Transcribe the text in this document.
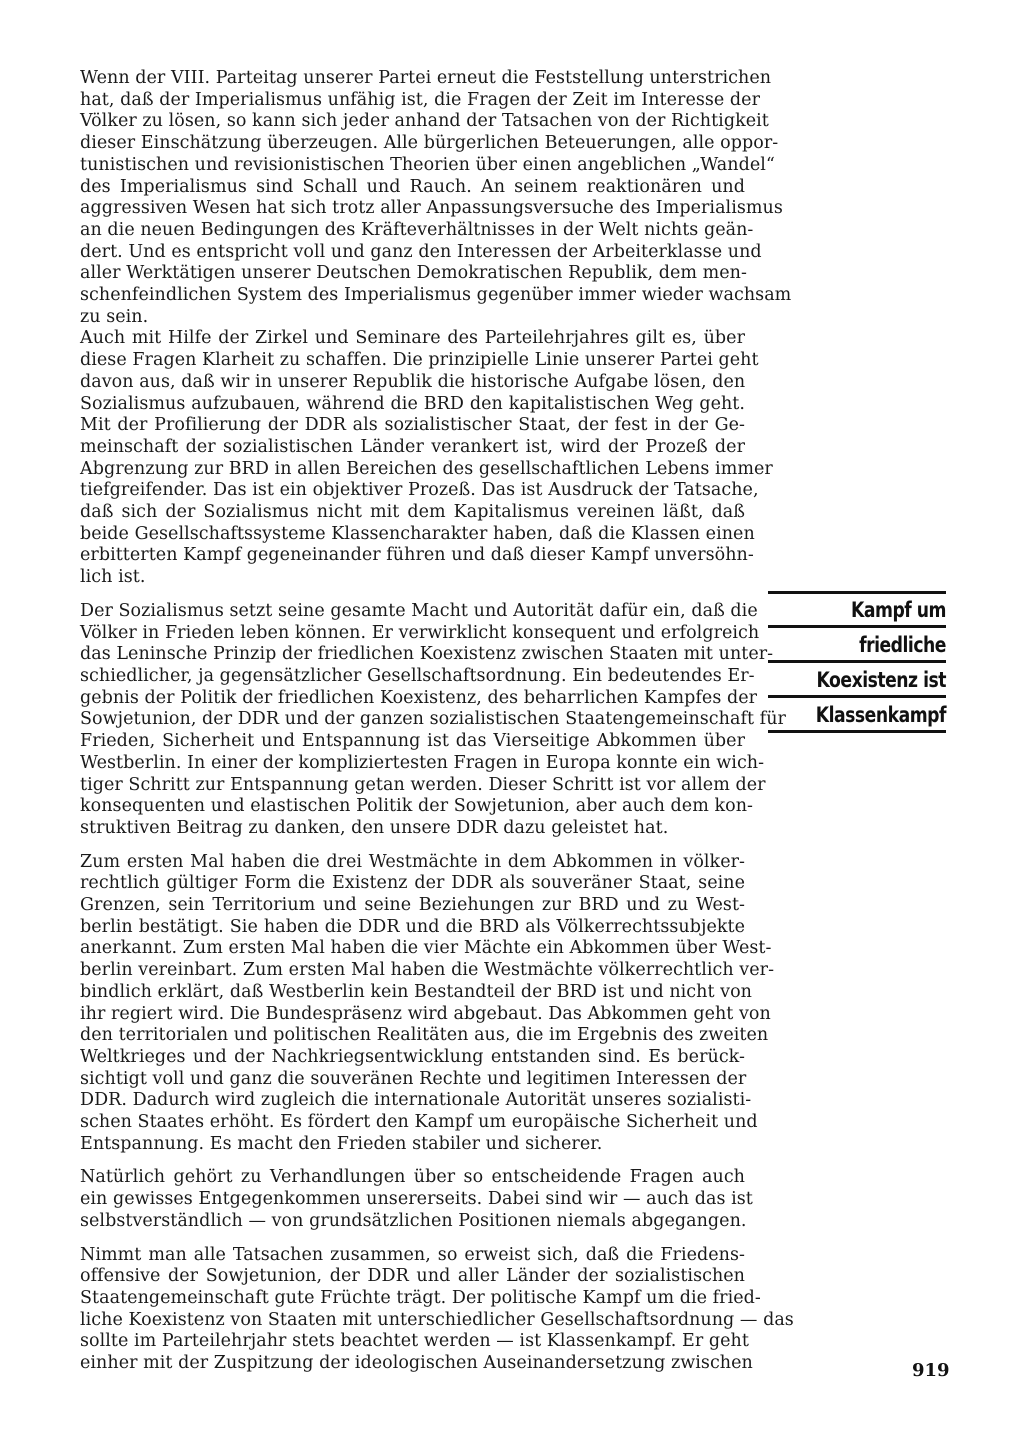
Wenn der VIII. Parteitag unserer Partei erneut die Feststellung unterstrichen
hat, daß der Imperialismus unfähig ist, die Fragen der Zeit im Interesse der
Völker zu lösen, so kann sich jeder anhand der Tatsachen von der Richtigkeit
dieser Einschätzung überzeugen. Alle bürgerlichen Beteuerungen, alle oppor-
tunistischen und revisionistischen Theorien über einen angeblichen „Wandel“
des Imperialismus sind Schall und Rauch. An seinem reaktionären und
aggressiven Wesen hat sich trotz aller Anpassungsversuche des Imperialismus
an die neuen Bedingungen des Kräfteverhältnisses in der Welt nichts geän-
dert. Und es entspricht voll und ganz den Interessen der Arbeiterklasse und
aller Werktätigen unserer Deutschen Demokratischen Republik, dem men-
schenfeindlichen System des Imperialismus gegenüber immer wieder wachsam
zu sein.

Auch mit Hilfe der Zirkel und Seminare des Parteilehrjahres gilt es, über
diese Fragen Klarheit zu schaffen. Die prinzipielle Linie unserer Partei geht
davon aus, daß wir in unserer Republik die historische Aufgabe lösen, den
Sozialismus aufzubauen, während die BRD den kapitalistischen Weg geht.
Mit der Profilierung der DDR als sozialistischer Staat, der fest in der Ge-
meinschaft der sozialistischen Länder verankert ist, wird der Prozeß der
Abgrenzung zur BRD in allen Bereichen des gesellschaftlichen Lebens immer
tiefgreifender. Das ist ein objektiver Prozeß. Das ist Ausdruck der Tatsache,
daß sich der Sozialismus nicht mit dem Kapitalismus vereinen läßt, daß
beide Gesellschaftssysteme Klassencharakter haben, daß die Klassen einen
erbitterten Kampf gegeneinander führen und daß dieser Kampf unversöhn-
lich ist.

Der Sozialismus setzt seine gesamte Macht und Autorität dafür ein, daß die
Völker in Frieden leben können. Er verwirklicht konsequent und erfolgreich
das Leninsche Prinzip der friedlichen Koexistenz zwischen Staaten mit unter-
schiedlicher, ja gegensätzlicher Gesellschaftsordnung. Ein bedeutendes Er-
gebnis der Politik der friedlichen Koexistenz, des beharrlichen Kampfes der
Sowjetunion, der DDR und der ganzen sozialistischen Staatengemeinschaft für
Frieden, Sicherheit und Entspannung ist das Vierseitige Abkommen über
Westberlin. In einer der kompliziertesten Fragen in Europa konnte ein wich-
tiger Schritt zur Entspannung getan werden. Dieser Schritt ist vor allem der
konsequenten und elastischen Politik der Sowjetunion, aber auch dem kon-
struktiven Beitrag zu danken, den unsere DDR dazu geleistet hat.

Zum ersten Mal haben die drei Westmächte in dem Abkommen in völker-
rechtlich gültiger Form die Existenz der DDR als souveräner Staat, seine
Grenzen, sein Territorium und seine Beziehungen zur BRD und zu West-
berlin bestätigt. Sie haben die DDR und die BRD als Völkerrechtssubjekte
anerkannt. Zum ersten Mal haben die vier Mächte ein Abkommen über West-
berlin vereinbart. Zum ersten Mal haben die Westmächte völkerrechtlich ver-
bindlich erklärt, daß Westberlin kein Bestandteil der BRD ist und nicht von
ihr regiert wird. Die Bundespräsenz wird abgebaut. Das Abkommen geht von
den territorialen und politischen Realitäten aus, die im Ergebnis des zweiten
Weltkrieges und der Nachkriegsentwicklung entstanden sind. Es berück-
sichtigt voll und ganz die souveränen Rechte und legitimen Interessen der
DDR. Dadurch wird zugleich die internationale Autorität unseres sozialisti-
schen Staates erhöht. Es fördert den Kampf um europäische Sicherheit und
Entspannung. Es macht den Frieden stabiler und sicherer.

Natürlich gehört zu Verhandlungen über so entscheidende Fragen auch
ein gewisses Entgegenkommen unsererseits. Dabei sind wir — auch das ist
selbstverständlich — von grundsätzlichen Positionen niemals abgegangen.

Nimmt man alle Tatsachen zusammen, so erweist sich, daß die Friedens-
offensive der Sowjetunion, der DDR und aller Länder der sozialistischen
Staatengemeinschaft gute Früchte trägt. Der politische Kampf um die fried-
liche Koexistenz von Staaten mit unterschiedlicher Gesellschaftsordnung — das
sollte im Parteilehrjahr stets beachtet werden — ist Klassenkampf. Er geht
einher mit der Zuspitzung der ideologischen Auseinandersetzung zwischen

Kampf um
friedliche
Koexistenz ist
Klassenkampf
919
